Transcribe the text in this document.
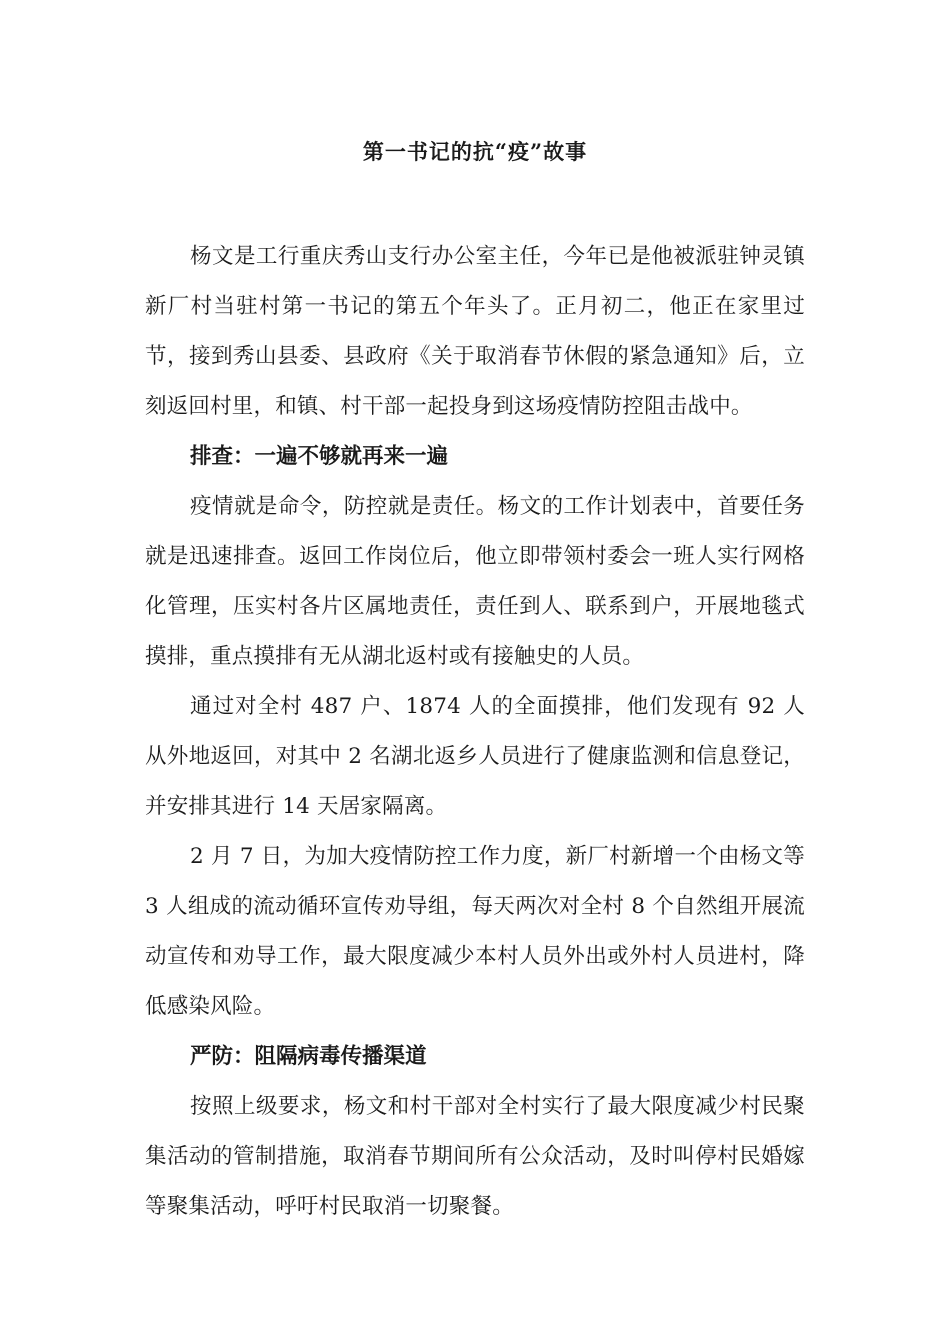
第一书记的抗“疫”故事

杨文是工行重庆秀山支行办公室主任，今年已是他被派驻钟灵镇新厂村当驻村第一书记的第五个年头了。正月初二，他正在家里过节，接到秀山县委、县政府《关于取消春节休假的紧急通知》后，立刻返回村里，和镇、村干部一起投身到这场疫情防控阻击战中。

排查：一遍不够就再来一遍

疫情就是命令，防控就是责任。杨文的工作计划表中，首要任务就是迅速排查。返回工作岗位后，他立即带领村委会一班人实行网格化管理，压实村各片区属地责任，责任到人、联系到户，开展地毯式摸排，重点摸排有无从湖北返村或有接触史的人员。

通过对全村 487 户、1874 人的全面摸排，他们发现有 92 人从外地返回，对其中 2 名湖北返乡人员进行了健康监测和信息登记，并安排其进行 14 天居家隔离。

2 月 7 日，为加大疫情防控工作力度，新厂村新增一个由杨文等 3 人组成的流动循环宣传劝导组，每天两次对全村 8 个自然组开展流动宣传和劝导工作，最大限度减少本村人员外出或外村人员进村，降低感染风险。

严防：阻隔病毒传播渠道

按照上级要求，杨文和村干部对全村实行了最大限度减少村民聚集活动的管制措施，取消春节期间所有公众活动，及时叫停村民婚嫁等聚集活动，呼吁村民取消一切聚餐。
